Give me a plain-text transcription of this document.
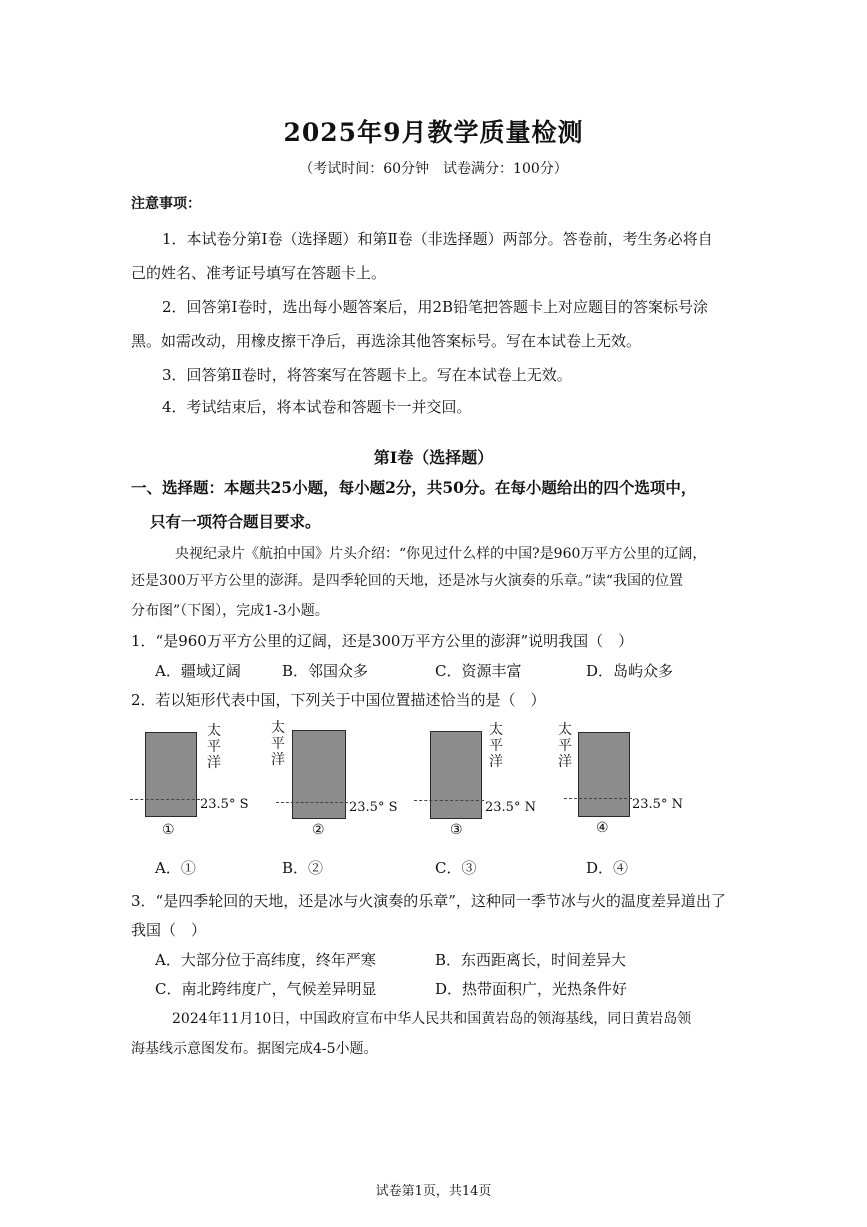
2025年9月教学质量检测
（考试时间：60分钟　试卷满分：100分）
注意事项：
1．本试卷分第Ⅰ卷（选择题）和第Ⅱ卷（非选择题）两部分。答卷前，考生务必将自
己的姓名、准考证号填写在答题卡上。
2．回答第Ⅰ卷时，选出每小题答案后，用2B铅笔把答题卡上对应题目的答案标号涂
黑。如需改动，用橡皮擦干净后，再选涂其他答案标号。写在本试卷上无效。
3．回答第Ⅱ卷时，将答案写在答题卡上。写在本试卷上无效。
4．考试结束后，将本试卷和答题卡一并交回。
第Ⅰ卷（选择题）
一、选择题：本题共25小题，每小题2分，共50分。在每小题给出的四个选项中，
只有一项符合题目要求。
央视纪录片《航拍中国》片头介绍：“你见过什么样的中国?是960万平方公里的辽阔，
还是300万平方公里的澎湃。是四季轮回的天地，还是冰与火演奏的乐章。”读“我国的位置
分布图”（下图），完成1-3小题。
1．“是960万平方公里的辽阔，还是300万平方公里的澎湃”说明我国（　）
A．疆域辽阔	B．邻国众多	C．资源丰富	D．岛屿众多
2．若以矩形代表中国，下列关于中国位置描述恰当的是（　）
太平洋
23.5° S
①
太平洋
23.5° S
②
太平洋
23.5° N
③
太平洋
23.5° N
④
A．①	B．②	C．③	D．④
3．“是四季轮回的天地，还是冰与火演奏的乐章”，这种同一季节冰与火的温度差异道出了
我国（　）
A．大部分位于高纬度，终年严寒	B．东西距离长，时间差异大
C．南北跨纬度广，气候差异明显	D．热带面积广，光热条件好
2024年11月10日，中国政府宣布中华人民共和国黄岩岛的领海基线，同日黄岩岛领
海基线示意图发布。据图完成4-5小题。
试卷第1页，共14页
